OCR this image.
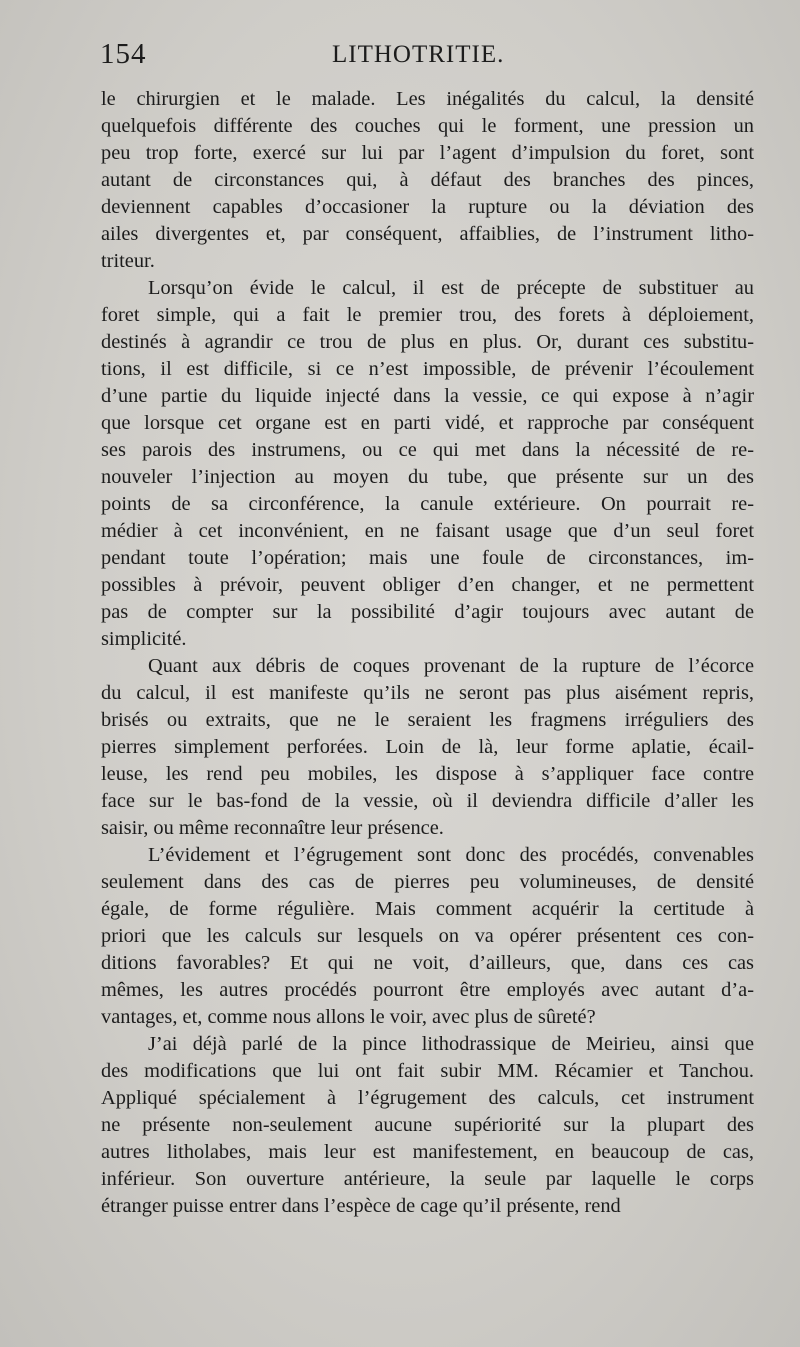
154	LITHOTRITIE.
le chirurgien et le malade. Les inégalités du calcul, la densité
quelquefois différente des couches qui le forment, une pression un
peu trop forte, exercé sur lui par l’agent d’impulsion du foret, sont
autant de circonstances qui, à défaut des branches des pinces,
deviennent capables d’occasioner la rupture ou la déviation des
ailes divergentes et, par conséquent, affaiblies, de l’instrument litho-
triteur.
Lorsqu’on évide le calcul, il est de précepte de substituer au
foret simple, qui a fait le premier trou, des forets à déploiement,
destinés à agrandir ce trou de plus en plus. Or, durant ces substitu-
tions, il est difficile, si ce n’est impossible, de prévenir l’écoulement
d’une partie du liquide injecté dans la vessie, ce qui expose à n’agir
que lorsque cet organe est en parti vidé, et rapproche par conséquent
ses parois des instrumens, ou ce qui met dans la nécessité de re-
nouveler l’injection au moyen du tube, que présente sur un des
points de sa circonférence, la canule extérieure. On pourrait re-
médier à cet inconvénient, en ne faisant usage que d’un seul foret
pendant toute l’opération; mais une foule de circonstances, im-
possibles à prévoir, peuvent obliger d’en changer, et ne permettent
pas de compter sur la possibilité d’agir toujours avec autant de
simplicité.
Quant aux débris de coques provenant de la rupture de l’écorce
du calcul, il est manifeste qu’ils ne seront pas plus aisément repris,
brisés ou extraits, que ne le seraient les fragmens irréguliers des
pierres simplement perforées. Loin de là, leur forme aplatie, écail-
leuse, les rend peu mobiles, les dispose à s’appliquer face contre
face sur le bas-fond de la vessie, où il deviendra difficile d’aller les
saisir, ou même reconnaître leur présence.
L’évidement et l’égrugement sont donc des procédés, convenables
seulement dans des cas de pierres peu volumineuses, de densité
égale, de forme régulière. Mais comment acquérir la certitude à
priori que les calculs sur lesquels on va opérer présentent ces con-
ditions favorables? Et qui ne voit, d’ailleurs, que, dans ces cas
mêmes, les autres procédés pourront être employés avec autant d’a-
vantages, et, comme nous allons le voir, avec plus de sûreté?
J’ai déjà parlé de la pince lithodrassique de Meirieu, ainsi que
des modifications que lui ont fait subir MM. Récamier et Tanchou.
Appliqué spécialement à l’égrugement des calculs, cet instrument
ne présente non-seulement aucune supériorité sur la plupart des
autres litholabes, mais leur est manifestement, en beaucoup de cas,
inférieur. Son ouverture antérieure, la seule par laquelle le corps
étranger puisse entrer dans l’espèce de cage qu’il présente, rend
